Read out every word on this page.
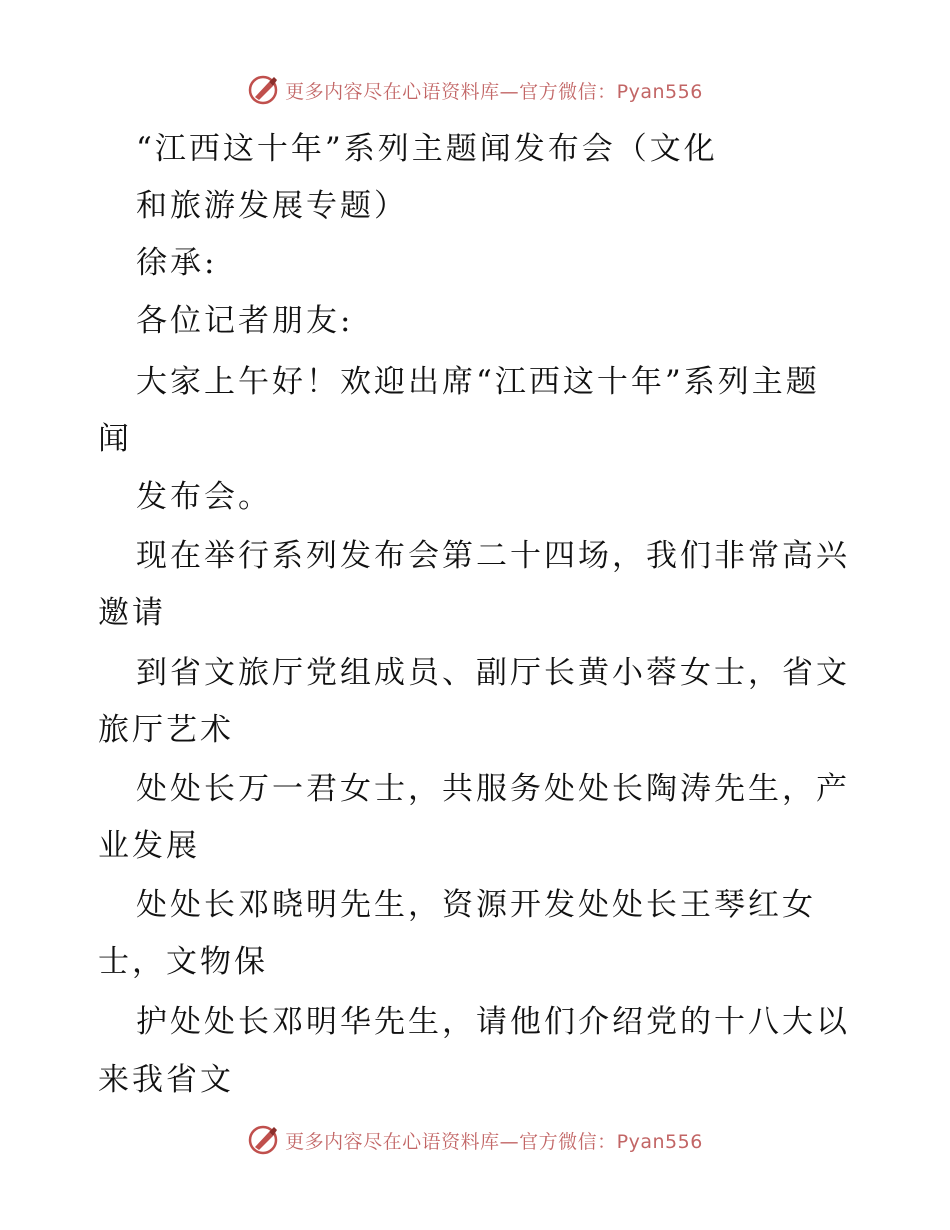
更多内容尽在心语资料库—官方微信：Pyan556
“江西这十年”系列主题闻发布会（文化
和旅游发展专题）
徐承:
各位记者朋友:
大家上午好！欢迎出席“江西这十年”系列主题
闻
发布会。
现在举行系列发布会第二十四场，我们非常高兴
邀请
到省文旅厅党组成员、副厅长黄小蓉女士，省文
旅厅艺术
处处长万一君女士，共服务处处长陶涛先生，产
业发展
处处长邓晓明先生，资源开发处处长王琴红女
士，文物保
护处处长邓明华先生，请他们介绍党的十八大以
来我省文
更多内容尽在心语资料库—官方微信：Pyan556
